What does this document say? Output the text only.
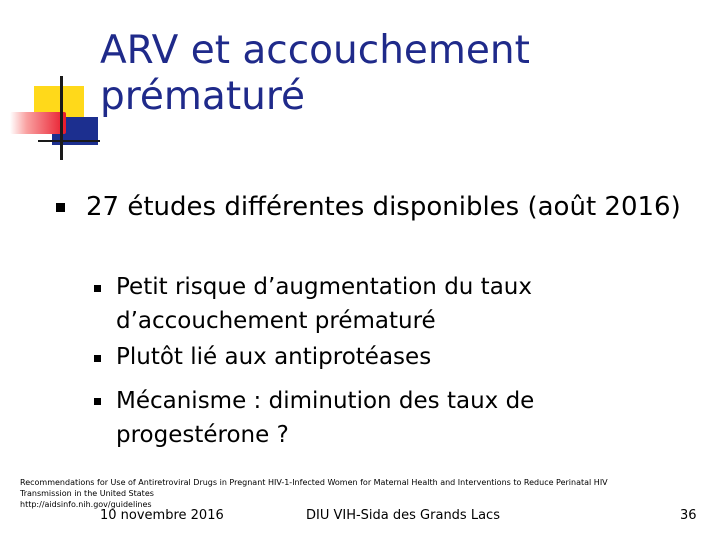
ARV et accouchement
prématuré
27 études différentes disponibles (août 2016)
Petit risque d’augmentation du taux d’accouchement prématuré
Plutôt lié aux antiprotéases
Mécanisme : diminution des taux de progestérone ?
Recommendations for Use of Antiretroviral Drugs in Pregnant HIV-1-Infected Women for Maternal Health and Interventions to Reduce Perinatal HIV
Transmission in the United States
http://aidsinfo.nih.gov/guidelines
10 novembre 2016	DIU VIH-Sida des Grands Lacs	36
